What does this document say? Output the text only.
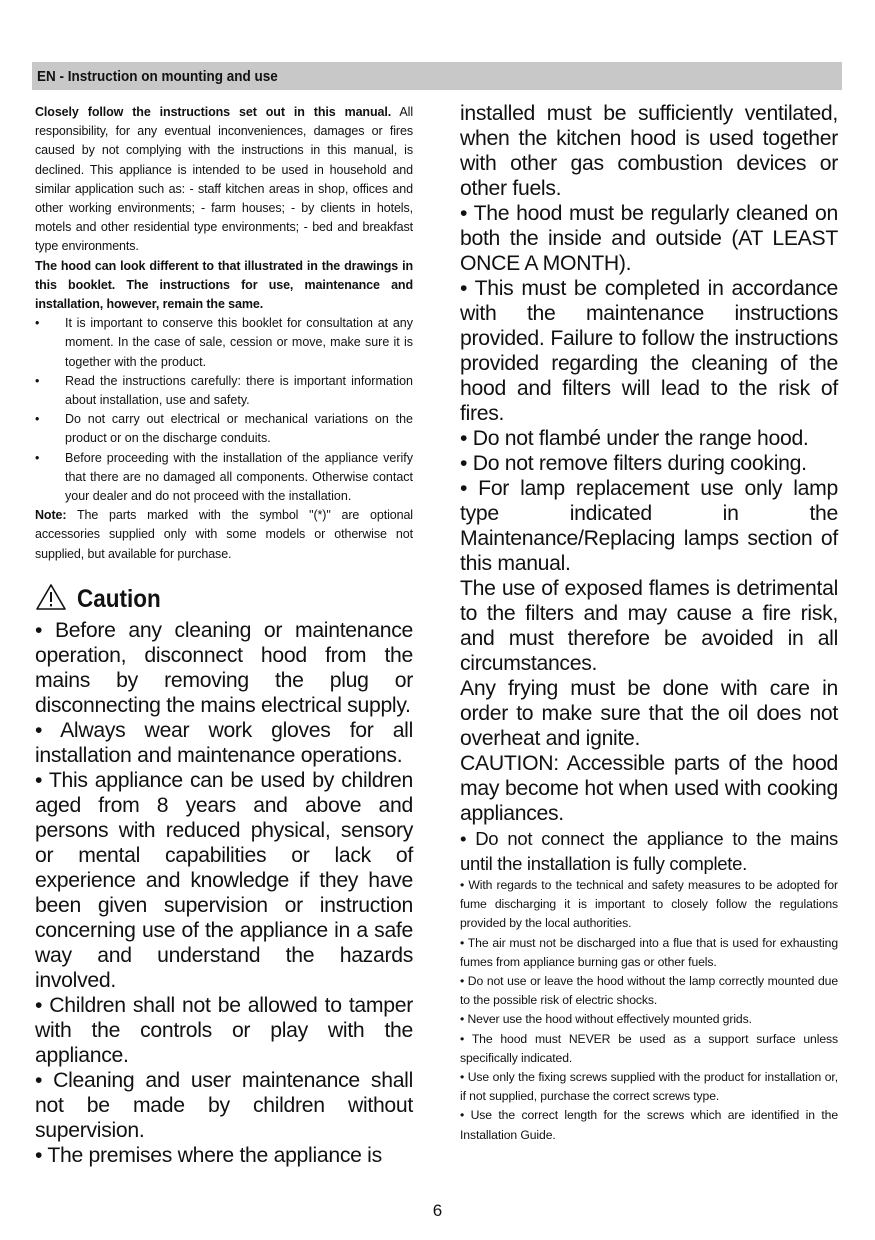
EN - Instruction on mounting and use

Closely follow the instructions set out in this manual. All responsibility, for any eventual inconveniences, damages or fires caused by not complying with the instructions in this manual, is declined. This appliance is intended to be used in household and similar application such as: - staff kitchen areas in shop, offices and other working environments; - farm houses; - by clients in hotels, motels and other residential type environments; - bed and breakfast type environments.

The hood can look different to that illustrated in the drawings in this booklet. The instructions for use, maintenance and installation, however, remain the same.

• It is important to conserve this booklet for consultation at any moment. In the case of sale, cession or move, make sure it is together with the product.
• Read the instructions carefully: there is important information about installation, use and safety.
• Do not carry out electrical or mechanical variations on the product or on the discharge conduits.
• Before proceeding with the installation of the appliance verify that there are no damaged all components. Otherwise contact your dealer and do not proceed with the installation.

Note: The parts marked with the symbol "(*)" are optional accessories supplied only with some models or otherwise not supplied, but available for purchase.

Caution

• Before any cleaning or maintenance operation, disconnect hood from the mains by removing the plug or disconnecting the mains electrical supply.

• Always wear work gloves for all installation and maintenance operations.

• This appliance can be used by children aged from 8 years and above and persons with reduced physical, sensory or mental capabilities or lack of experience and knowledge if they have been given supervision or instruction concerning use of the appliance in a safe way and understand the hazards involved.

• Children shall not be allowed to tamper with the controls or play with the appliance.

• Cleaning and user maintenance shall not be made by children without supervision.

• The premises where the appliance is

installed must be sufficiently ventilated, when the kitchen hood is used together with other gas combustion devices or other fuels.

• The hood must be regularly cleaned on both the inside and outside (AT LEAST ONCE A MONTH).

• This must be completed in accordance with the maintenance instructions provided. Failure to follow the instructions provided regarding the cleaning of the hood and filters will lead to the risk of fires.

• Do not flambé under the range hood.

• Do not remove filters during cooking.

• For lamp replacement use only lamp type indicated in the Maintenance/Replacing lamps section of this manual.

The use of exposed flames is detrimental to the filters and may cause a fire risk, and must therefore be avoided in all circumstances.

Any frying must be done with care in order to make sure that the oil does not overheat and ignite.

CAUTION: Accessible parts of the hood may become hot when used with cooking appliances.

• Do not connect the appliance to the mains until the installation is fully complete.

• With regards to the technical and safety measures to be adopted for fume discharging it is important to closely follow the regulations provided by the local authorities.

• The air must not be discharged into a flue that is used for exhausting fumes from appliance burning gas or other fuels.

• Do not use or leave the hood without the lamp correctly mounted due to the possible risk of electric shocks.

• Never use the hood without effectively mounted grids.

• The hood must NEVER be used as a support surface unless specifically indicated.

• Use only the fixing screws supplied with the product for installation or, if not supplied, purchase the correct screws type.

• Use the correct length for the screws which are identified in the Installation Guide.

6
